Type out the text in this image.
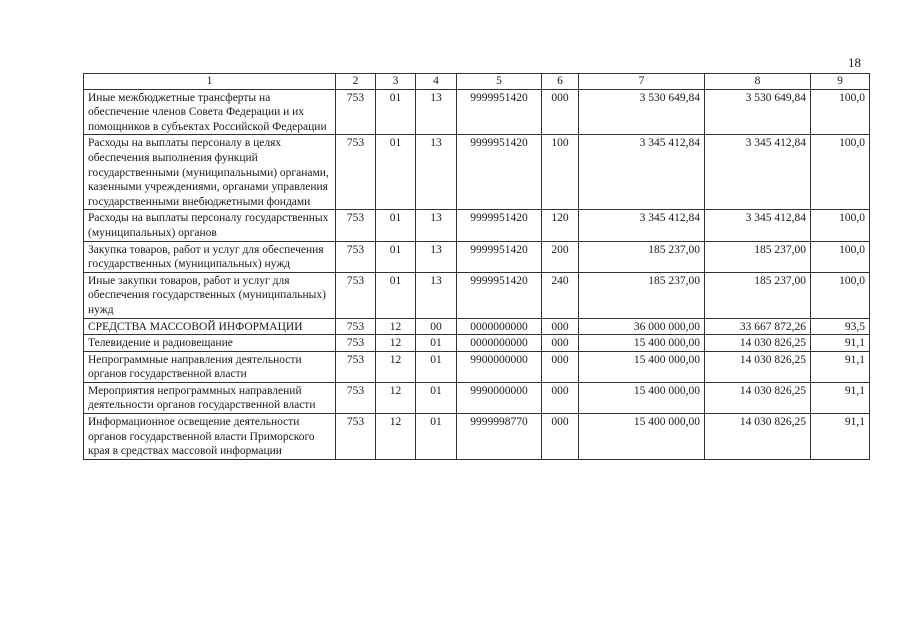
18
1	2	3	4	5	6	7	8	9
Иные межбюджетные трансферты на обеспечение членов Совета Федерации и их помощников в субъектах Российской Федерации	753	01	13	9999951420	000	3 530 649,84	3 530 649,84	100,0
Расходы на выплаты персоналу в целях обеспечения выполнения функций государственными (муниципальными) органами, казенными учреждениями, органами управления государственными внебюджетными фондами	753	01	13	9999951420	100	3 345 412,84	3 345 412,84	100,0
Расходы на выплаты персоналу государственных (муниципальных) органов	753	01	13	9999951420	120	3 345 412,84	3 345 412,84	100,0
Закупка товаров, работ и услуг для обеспечения государственных (муниципальных) нужд	753	01	13	9999951420	200	185 237,00	185 237,00	100,0
Иные закупки товаров, работ и услуг для обеспечения государственных (муниципальных) нужд	753	01	13	9999951420	240	185 237,00	185 237,00	100,0
СРЕДСТВА МАССОВОЙ ИНФОРМАЦИИ	753	12	00	0000000000	000	36 000 000,00	33 667 872,26	93,5
Телевидение и радиовещание	753	12	01	0000000000	000	15 400 000,00	14 030 826,25	91,1
Непрограммные направления деятельности органов государственной власти	753	12	01	9900000000	000	15 400 000,00	14 030 826,25	91,1
Мероприятия непрограммных направлений деятельности органов государственной власти	753	12	01	9990000000	000	15 400 000,00	14 030 826,25	91,1
Информационное освещение деятельности органов государственной власти Приморского края в средствах массовой информации	753	12	01	9999998770	000	15 400 000,00	14 030 826,25	91,1
